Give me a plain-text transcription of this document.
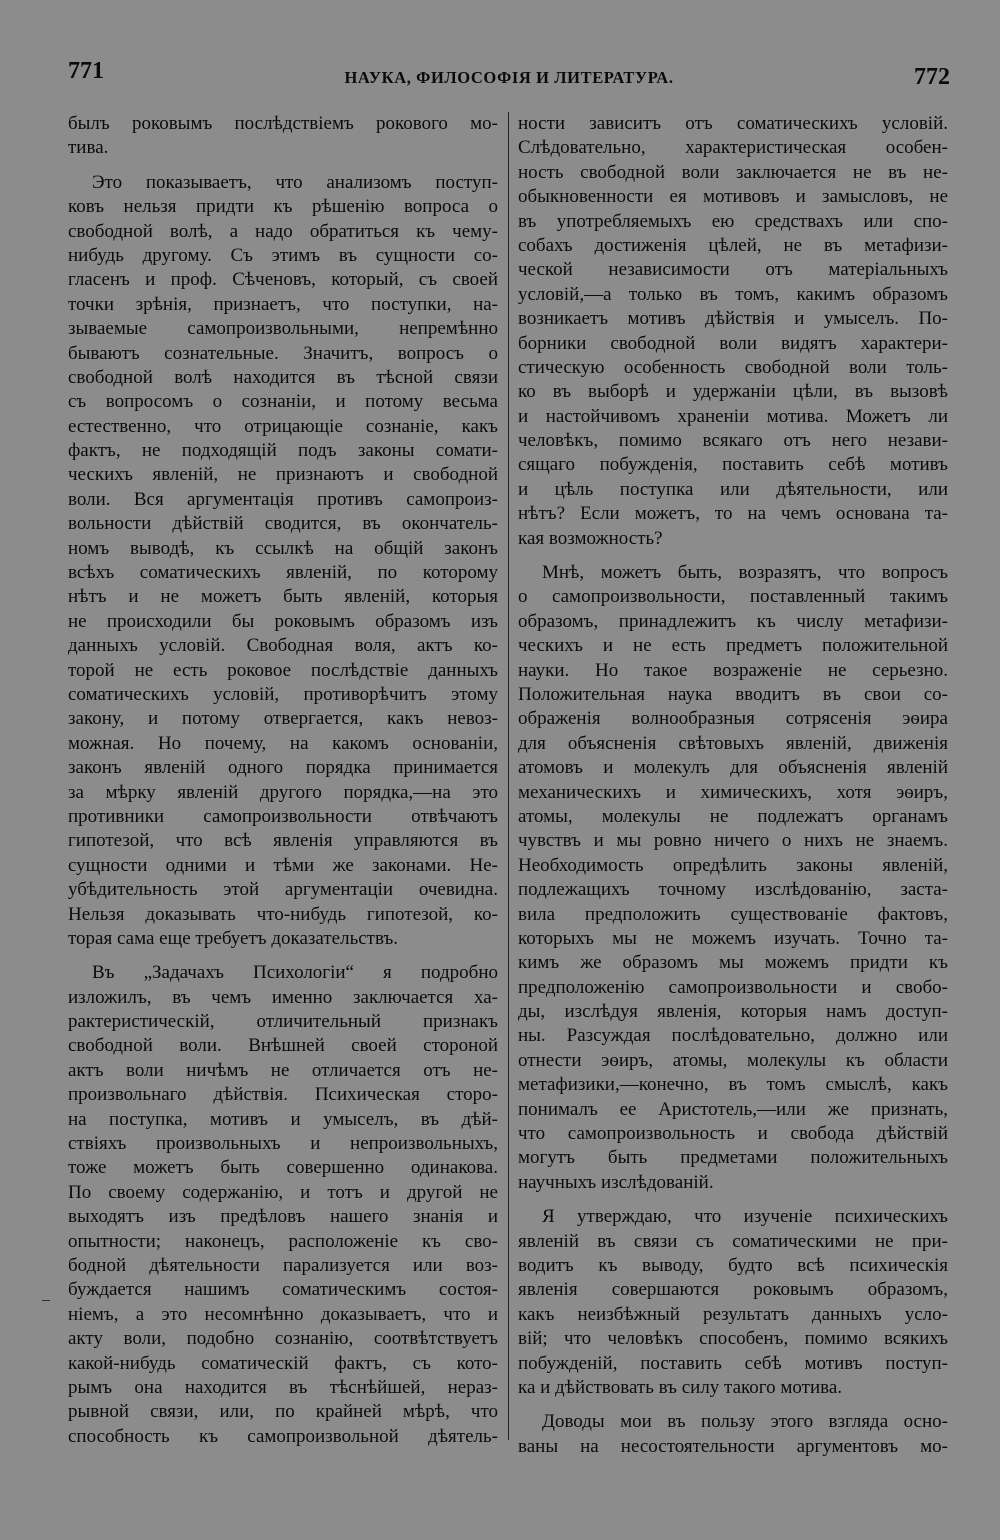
771	НАУКА, ФИЛОСОФІЯ И ЛИТЕРАТУРА.	772
былъ роковымъ послѣдствіемъ рокового мо-
тива.
Это показываетъ, что анализомъ поступ-
ковъ нельзя придти къ рѣшенію вопроса о
свободной волѣ, а надо обратиться къ чему-
нибудь другому. Съ этимъ въ сущности со-
гласенъ и проф. Сѣченовъ, который, съ своей
точки зрѣнія, признаетъ, что поступки, на-
зываемые самопроизвольными, непремѣнно
бываютъ сознательные. Значитъ, вопросъ о
свободной волѣ находится въ тѣсной связи
съ вопросомъ о сознаніи, и потому весьма
естественно, что отрицающіе сознаніе, какъ
фактъ, не подходящій подъ законы сомати-
ческихъ явленій, не признаютъ и свободной
воли. Вся аргументація противъ самопроиз-
вольности дѣйствій сводится, въ окончатель-
номъ выводѣ, къ ссылкѣ на общій законъ
всѣхъ соматическихъ явленій, по которому
нѣтъ и не можетъ быть явленій, которыя
не происходили бы роковымъ образомъ изъ
данныхъ условій. Свободная воля, актъ ко-
торой не есть роковое послѣдствіе данныхъ
соматическихъ условій, противорѣчитъ этому
закону, и потому отвергается, какъ невоз-
можная. Но почему, на какомъ основаніи,
законъ явленій одного порядка принимается
за мѣрку явленій другого порядка,—на это
противники самопроизвольности отвѣчаютъ
гипотезой, что всѣ явленія управляются въ
сущности одними и тѣми же законами. Не-
убѣдительность этой аргументаціи очевидна.
Нельзя доказывать что-нибудь гипотезой, ко-
торая сама еще требуетъ доказательствъ.
Въ „Задачахъ Психологіи“ я подробно
изложилъ, въ чемъ именно заключается ха-
рактеристическій, отличительный признакъ
свободной воли. Внѣшней своей стороной
актъ воли ничѣмъ не отличается отъ не-
произвольнаго дѣйствія. Психическая сторо-
на поступка, мотивъ и умыселъ, въ дѣй-
ствіяхъ произвольныхъ и непроизвольныхъ,
тоже можетъ быть совершенно одинакова.
По своему содержанію, и тотъ и другой не
выходятъ изъ предѣловъ нашего знанія и
опытности; наконецъ, расположеніе къ сво-
бодной дѣятельности парализуется или воз-
буждается нашимъ соматическимъ состоя-
ніемъ, а это несомнѣнно доказываетъ, что и
акту воли, подобно сознанію, соотвѣтствуетъ
какой-нибудь соматическій фактъ, съ кото-
рымъ она находится въ тѣснѣйшей, нераз-
рывной связи, или, по крайней мѣрѣ, что
способность къ самопроизвольной дѣятель-
ности зависитъ отъ соматическихъ условій.
Слѣдовательно, характеристическая особен-
ность свободной воли заключается не въ не-
обыкновенности ея мотивовъ и замысловъ, не
въ употребляемыхъ ею средствахъ или спо-
собахъ достиженія цѣлей, не въ метафизи-
ческой независимости отъ матеріальныхъ
условій,—а только въ томъ, какимъ образомъ
возникаетъ мотивъ дѣйствія и умыселъ. По-
борники свободной воли видятъ характери-
стическую особенность свободной воли толь-
ко въ выборѣ и удержаніи цѣли, въ вызовѣ
и настойчивомъ храненіи мотива. Можетъ ли
человѣкъ, помимо всякаго отъ него незави-
сящаго побужденія, поставить себѣ мотивъ
и цѣль поступка или дѣятельности, или
нѣтъ? Если можетъ, то на чемъ основана та-
кая возможность?
Мнѣ, можетъ быть, возразятъ, что вопросъ
о самопроизвольности, поставленный такимъ
образомъ, принадлежитъ къ числу метафизи-
ческихъ и не есть предметъ положительной
науки. Но такое возраженіе не серьезно.
Положительная наука вводитъ въ свои со-
ображенія волнообразныя сотрясенія эѳира
для объясненія свѣтовыхъ явленій, движенія
атомовъ и молекулъ для объясненія явленій
механическихъ и химическихъ, хотя эѳиръ,
атомы, молекулы не подлежатъ органамъ
чувствъ и мы ровно ничего о нихъ не знаемъ.
Необходимость опредѣлить законы явленій,
подлежащихъ точному изслѣдованію, заста-
вила предположить существованіе фактовъ,
которыхъ мы не можемъ изучать. Точно та-
кимъ же образомъ мы можемъ придти къ
предположенію самопроизвольности и свобо-
ды, изслѣдуя явленія, которыя намъ доступ-
ны. Разсуждая послѣдовательно, должно или
отнести эѳиръ, атомы, молекулы къ области
метафизики,—конечно, въ томъ смыслѣ, какъ
понималъ ее Аристотель,—или же признать,
что самопроизвольность и свобода дѣйствій
могутъ быть предметами положительныхъ
научныхъ изслѣдованій.
Я утверждаю, что изученіе психическихъ
явленій въ связи съ соматическими не при-
водитъ къ выводу, будто всѣ психическія
явленія совершаются роковымъ образомъ,
какъ неизбѣжный результатъ данныхъ усло-
вій; что человѣкъ способенъ, помимо всякихъ
побужденій, поставить себѣ мотивъ поступ-
ка и дѣйствовать въ силу такого мотива.
Доводы мои въ пользу этого взгляда осно-
ваны на несостоятельности аргументовъ мо-
